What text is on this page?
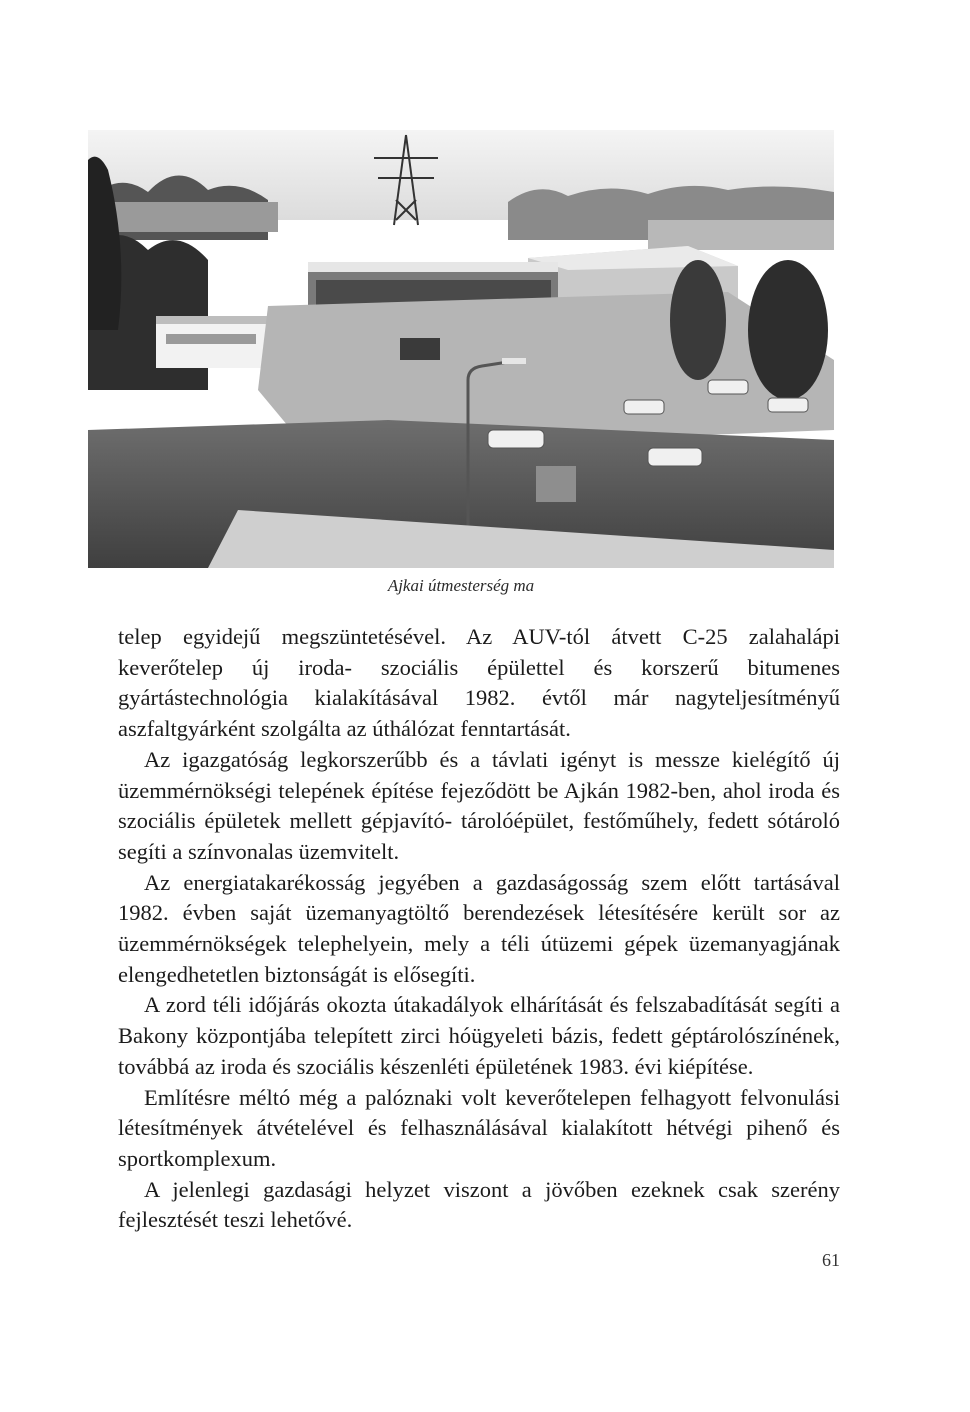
Ajkai útmesterség ma

telep egyidejű megszüntetésével. Az AUV-tól átvett C-25 zalahalápi keverőtelep új iroda- szociális épülettel és korszerű bitumenes gyártástechnológia kialakításával 1982. évtől már nagyteljesítményű aszfaltgyárként szolgálta az úthálózat fenntartását.

Az igazgatóság legkorszerűbb és a távlati igényt is messze kielégítő új üzemmérnökségi telepének építése fejeződött be Ajkán 1982-ben, ahol iroda és szociális épületek mellett gépjavító- tárolóépület, festőműhely, fedett sótároló segíti a színvonalas üzemvitelt.

Az energiatakarékosság jegyében a gazdaságosság szem előtt tartásával 1982. évben saját üzemanyagtöltő berendezések létesítésére került sor az üzemmérnökségek telephelyein, mely a téli útüzemi gépek üzemanyagjának elengedhetetlen biztonságát is elősegíti.

A zord téli időjárás okozta útakadályok elhárítását és felszabadítását segíti a Bakony központjába telepített zirci hóügyeleti bázis, fedett géptárolószínének, továbbá az iroda és szociális készenléti épületének 1983. évi kiépítése.

Említésre méltó még a palóznaki volt keverőtelepen felhagyott felvonulási létesítmények átvételével és felhasználásával kialakított hétvégi pihenő és sportkomplexum.

A jelenlegi gazdasági helyzet viszont a jövőben ezeknek csak szerény fejlesztését teszi lehetővé.

61
